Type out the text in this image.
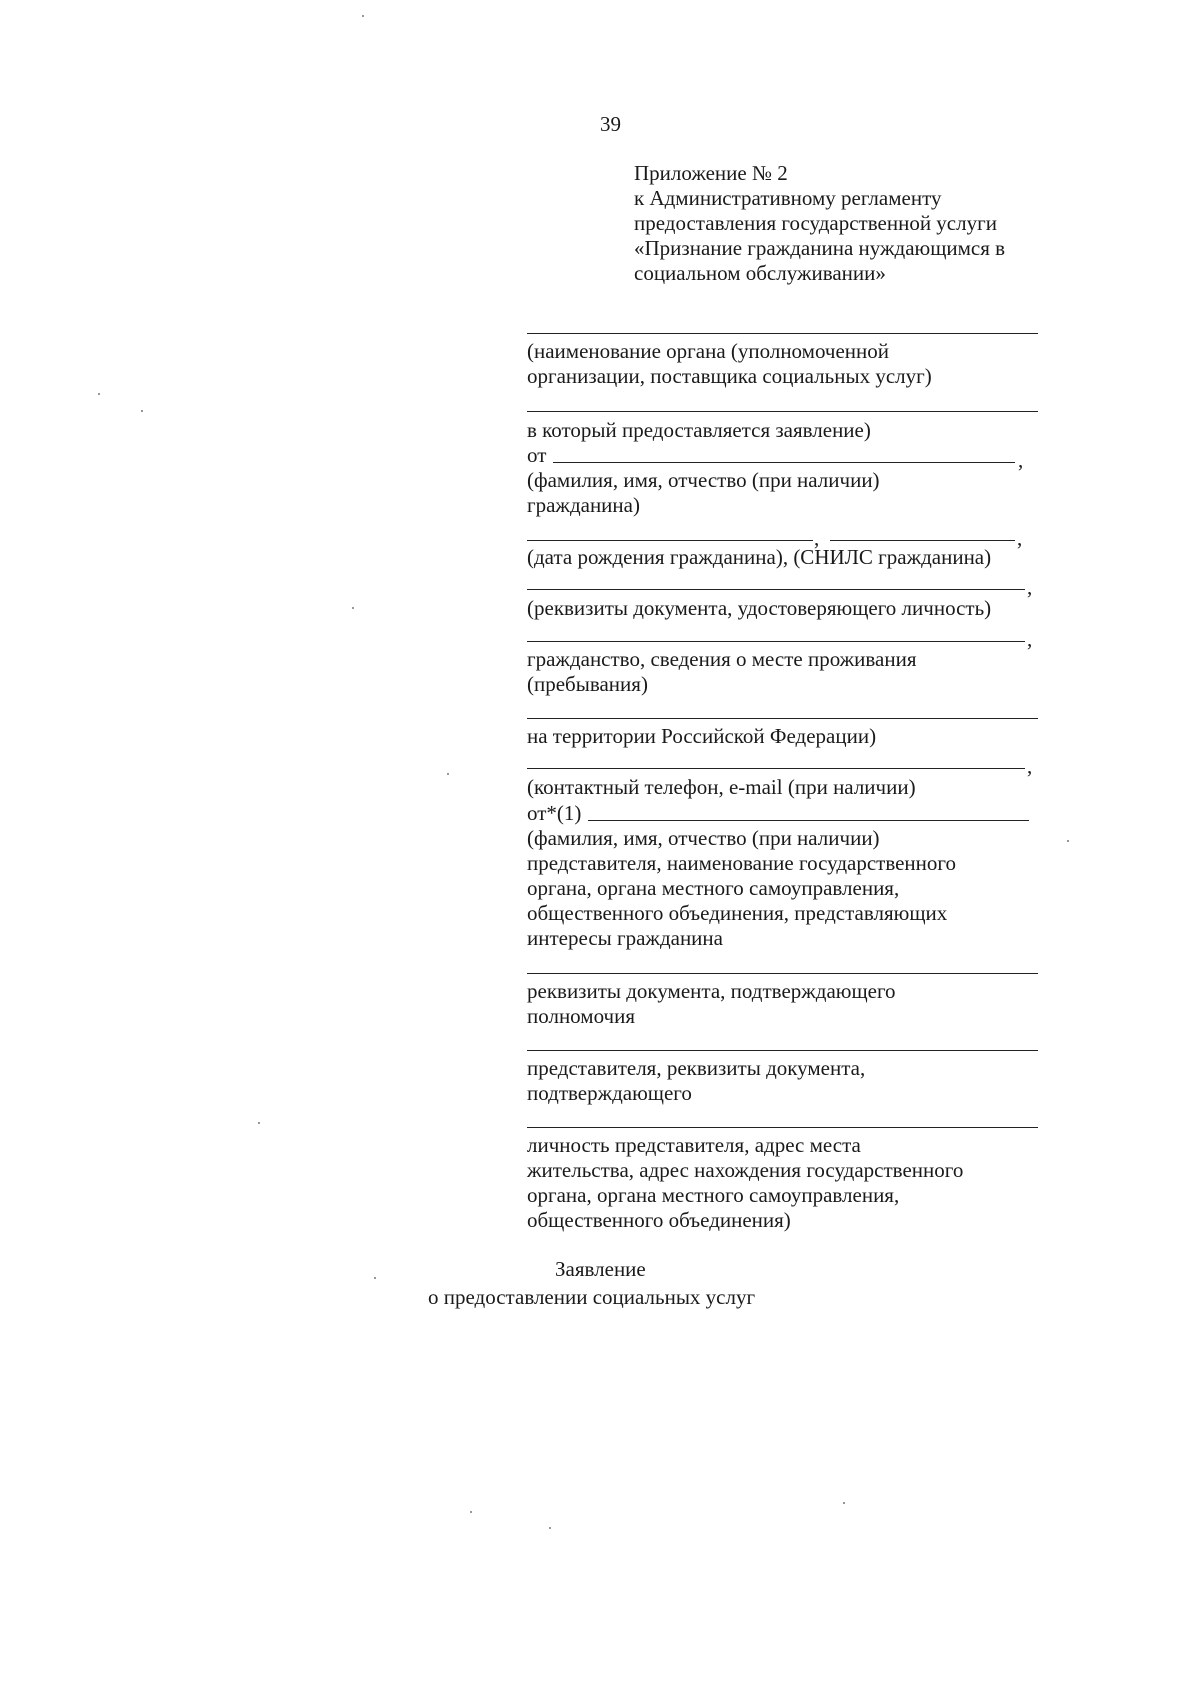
39
Приложение № 2
к Административному регламенту
предоставления государственной услуги
«Признание гражданина нуждающимся в
социальном обслуживании»
(наименование органа (уполномоченной
организации, поставщика социальных услуг)
в который предоставляется заявление)
от	,
(фамилия, имя, отчество (при наличии)
гражданина)
,	,
(дата рождения гражданина), (СНИЛС гражданина)
,
(реквизиты документа, удостоверяющего личность)
,
гражданство, сведения о месте проживания
(пребывания)
на территории Российской Федерации)
,
(контактный телефон, e-mail (при наличии)
от*(1)
(фамилия, имя, отчество (при наличии)
представителя, наименование государственного
органа, органа местного самоуправления,
общественного объединения, представляющих
интересы гражданина
реквизиты документа, подтверждающего
полномочия
представителя, реквизиты документа,
подтверждающего
личность представителя, адрес места
жительства, адрес нахождения государственного
органа, органа местного самоуправления,
общественного объединения)
Заявление
о предоставлении социальных услуг
